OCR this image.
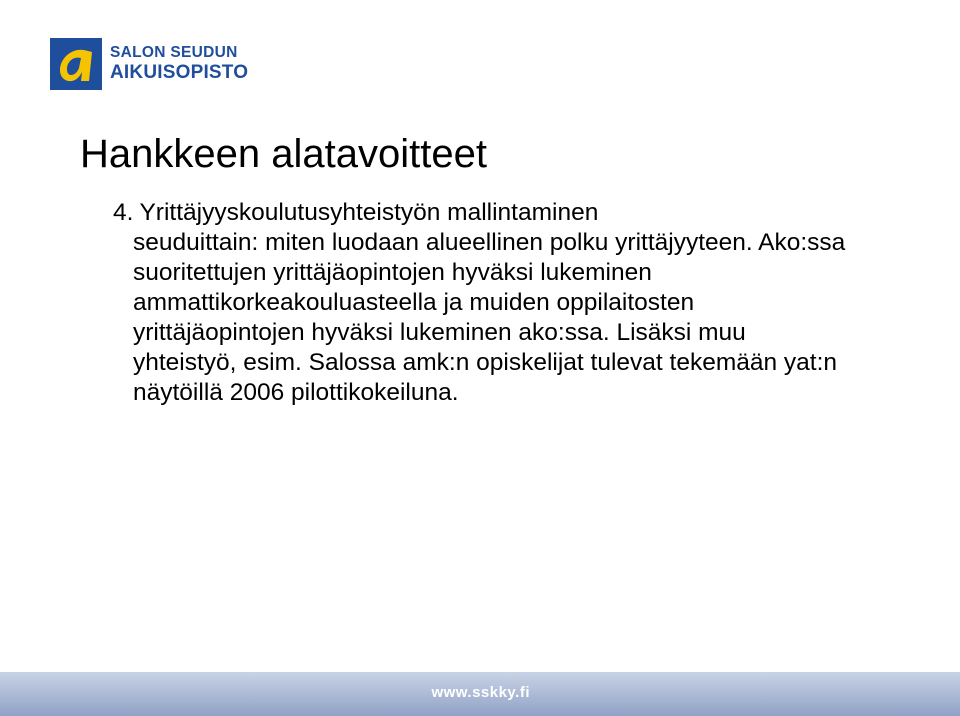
SALON SEUDUN
AIKUISOPISTO
Hankkeen alatavoitteet
4. Yrittäjyyskoulutusyhteistyön mallintaminen
seuduittain: miten luodaan alueellinen polku yrittäjyyteen. Ako:ssa suoritettujen yrittäjäopintojen hyväksi lukeminen ammattikorkeakouluasteella ja muiden oppilaitosten yrittäjäopintojen hyväksi lukeminen ako:ssa. Lisäksi muu yhteistyö, esim. Salossa amk:n opiskelijat tulevat tekemään yat:n näytöillä 2006 pilottikokeiluna.
www.sskky.fi
